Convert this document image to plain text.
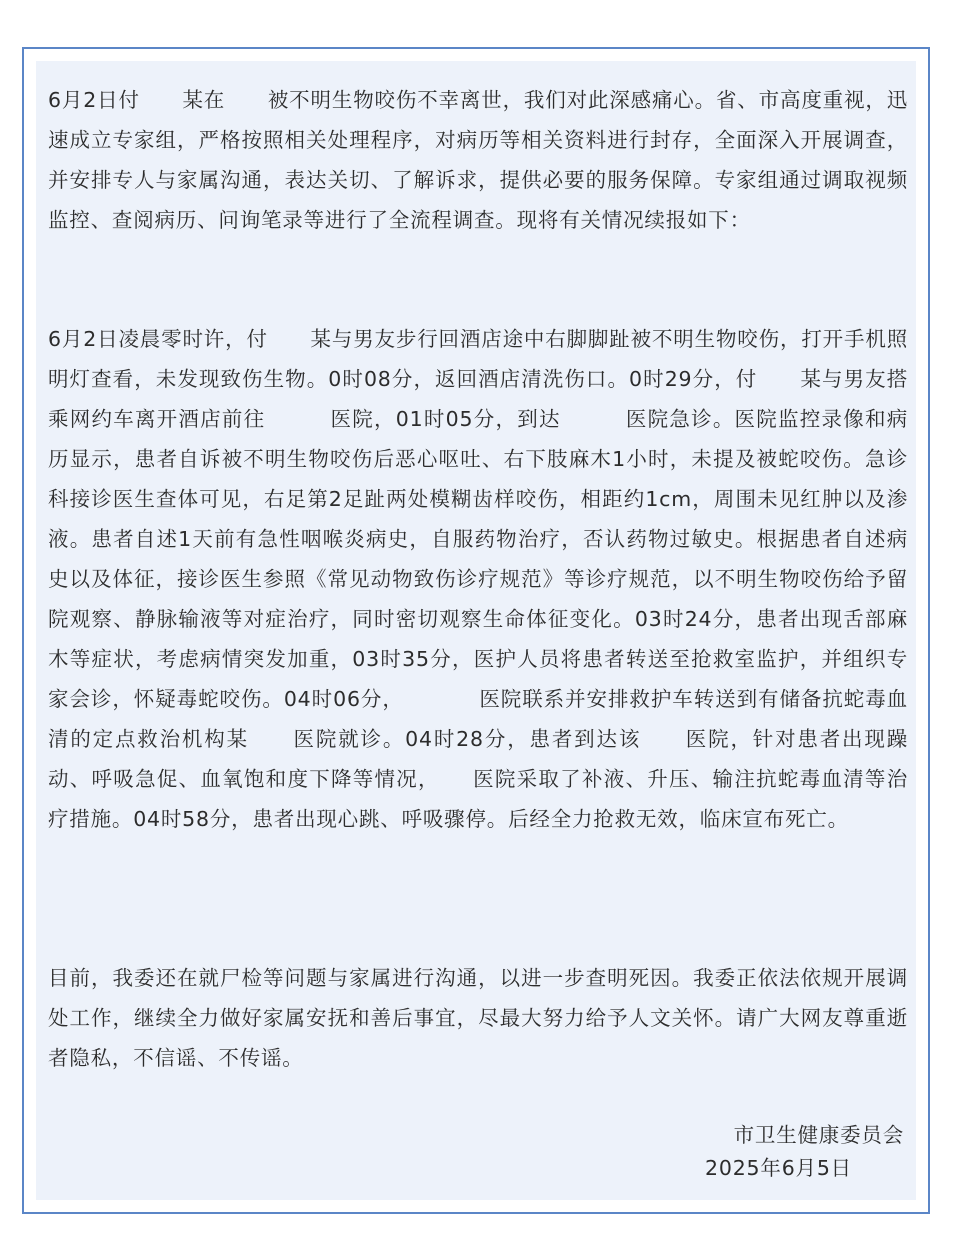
6月2日付　　某在　　被不明生物咬伤不幸离世，我们对此深感痛心。省、市高度重视，迅速成立专家组，严格按照相关处理程序，对病历等相关资料进行封存，全面深入开展调查，并安排专人与家属沟通，表达关切、了解诉求，提供必要的服务保障。专家组通过调取视频监控、查阅病历、问询笔录等进行了全流程调查。现将有关情况续报如下：

6月2日凌晨零时许，付　　某与男友步行回酒店途中右脚脚趾被不明生物咬伤，打开手机照明灯查看，未发现致伤生物。0时08分，返回酒店清洗伤口。0时29分，付　　某与男友搭乘网约车离开酒店前往　　　医院，01时05分，到达　　　医院急诊。医院监控录像和病历显示，患者自诉被不明生物咬伤后恶心呕吐、右下肢麻木1小时，未提及被蛇咬伤。急诊科接诊医生查体可见，右足第2足趾两处模糊齿样咬伤，相距约1cm，周围未见红肿以及渗液。患者自述1天前有急性咽喉炎病史，自服药物治疗，否认药物过敏史。根据患者自述病史以及体征，接诊医生参照《常见动物致伤诊疗规范》等诊疗规范，以不明生物咬伤给予留院观察、静脉输液等对症治疗，同时密切观察生命体征变化。03时24分，患者出现舌部麻木等症状，考虑病情突发加重，03时35分，医护人员将患者转送至抢救室监护，并组织专家会诊，怀疑毒蛇咬伤。04时06分，　　　　医院联系并安排救护车转送到有储备抗蛇毒血清的定点救治机构某　　医院就诊。04时28分，患者到达该　　医院，针对患者出现躁动、呼吸急促、血氧饱和度下降等情况，　　医院采取了补液、升压、输注抗蛇毒血清等治疗措施。04时58分，患者出现心跳、呼吸骤停。后经全力抢救无效，临床宣布死亡。

目前，我委还在就尸检等问题与家属进行沟通，以进一步查明死因。我委正依法依规开展调处工作，继续全力做好家属安抚和善后事宜，尽最大努力给予人文关怀。请广大网友尊重逝者隐私，不信谣、不传谣。

市卫生健康委员会
2025年6月5日
